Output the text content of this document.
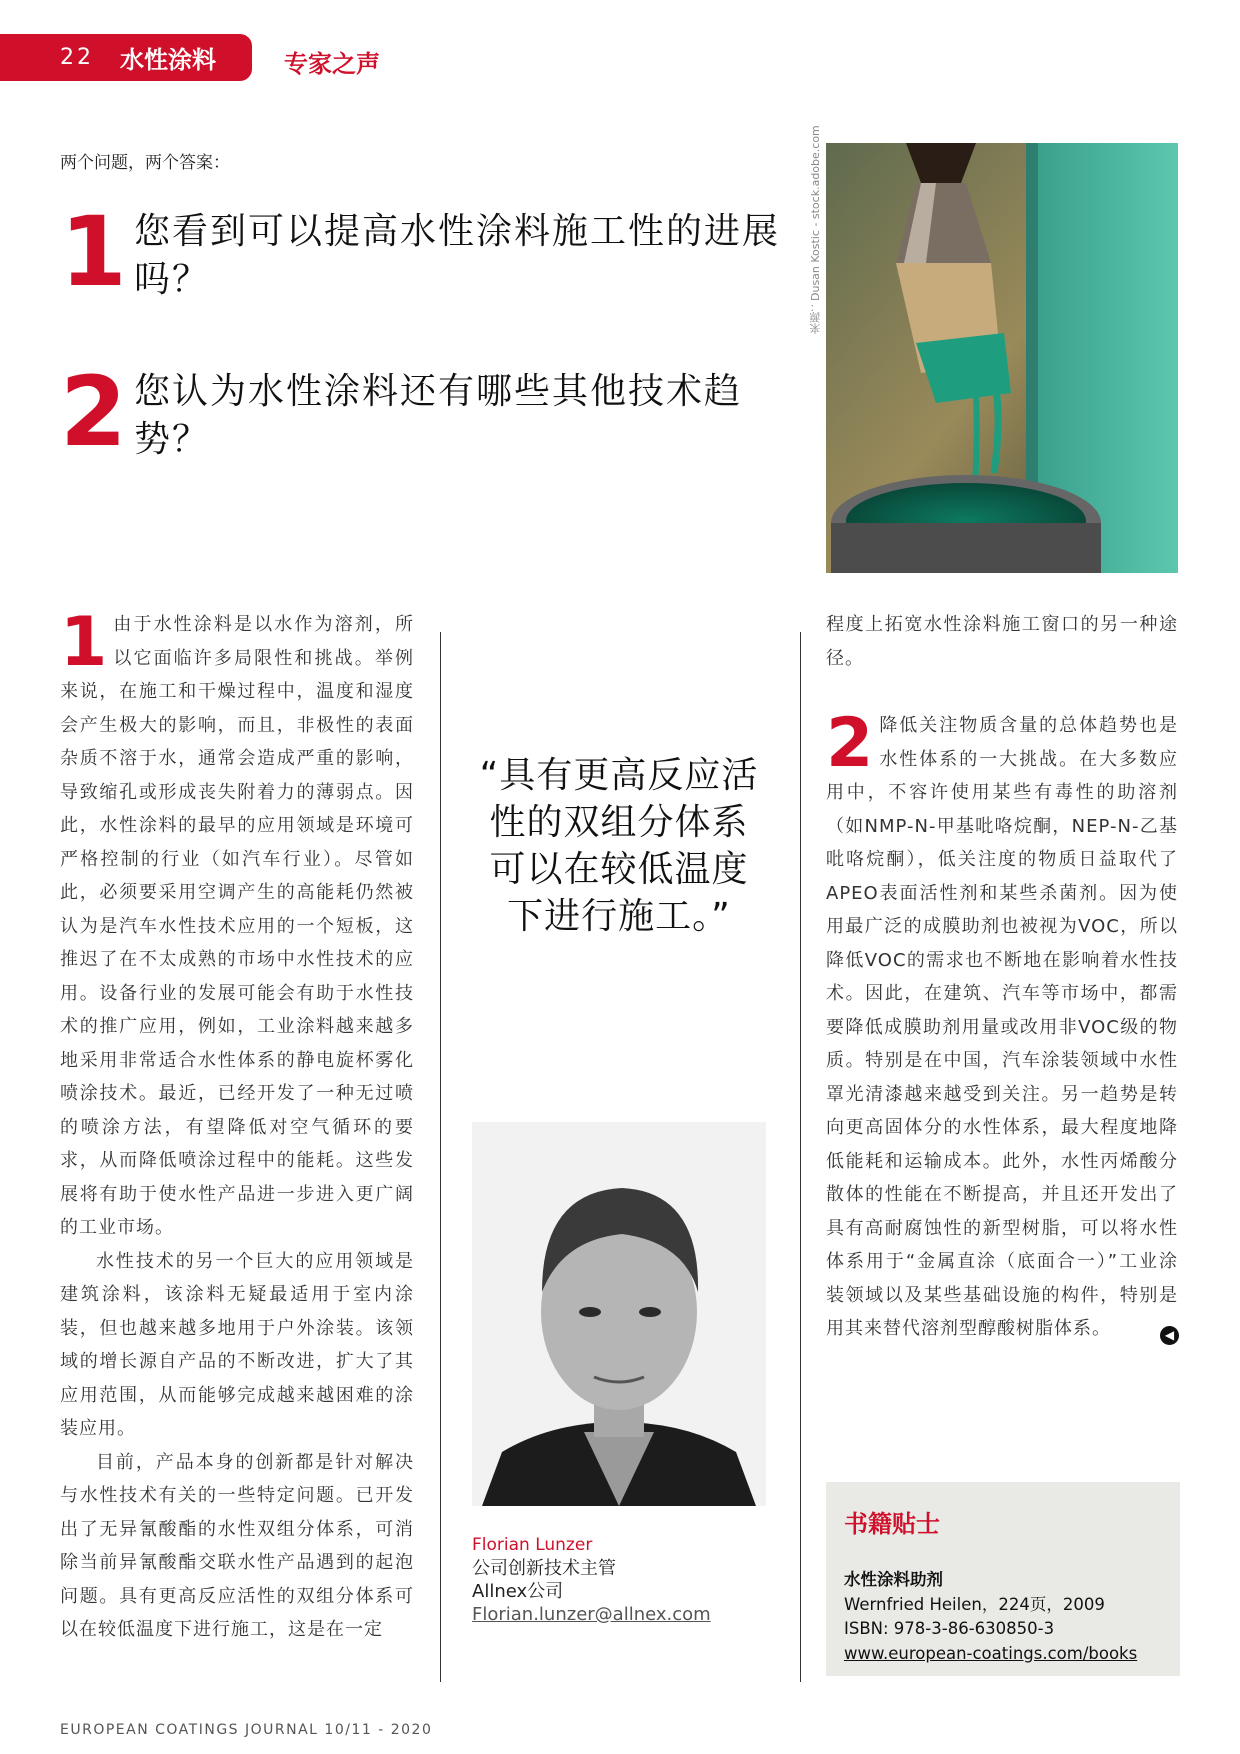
22 水性涂料	专家之声
两个问题，两个答案：
1 您看到可以提高水性涂料施工性的进展吗？
2 您认为水性涂料还有哪些其他技术趋势？
来源：Dusan Kostic - stock.adobe.com
1 由于水性涂料是以水作为溶剂，所以它面临许多局限性和挑战。举例来说，在施工和干燥过程中，温度和湿度会产生极大的影响，而且，非极性的表面杂质不溶于水，通常会造成严重的影响，导致缩孔或形成丧失附着力的薄弱点。因此，水性涂料的最早的应用领域是环境可严格控制的行业（如汽车行业）。尽管如此，必须要采用空调产生的高能耗仍然被认为是汽车水性技术应用的一个短板，这推迟了在不太成熟的市场中水性技术的应用。设备行业的发展可能会有助于水性技术的推广应用，例如，工业涂料越来越多地采用非常适合水性体系的静电旋杯雾化喷涂技术。最近，已经开发了一种无过喷的喷涂方法，有望降低对空气循环的要求，从而降低喷涂过程中的能耗。这些发展将有助于使水性产品进一步进入更广阔的工业市场。

水性技术的另一个巨大的应用领域是建筑涂料，该涂料无疑最适用于室内涂装，但也越来越多地用于户外涂装。该领域的增长源自产品的不断改进，扩大了其应用范围，从而能够完成越来越困难的涂装应用。

目前，产品本身的创新都是针对解决与水性技术有关的一些特定问题。已开发出了无异氰酸酯的水性双组分体系，可消除当前异氰酸酯交联水性产品遇到的起泡问题。具有更高反应活性的双组分体系可以在较低温度下进行施工，这是在一定

“具有更高反应活性的双组分体系可以在较低温度下进行施工。”
Florian Lunzer
公司创新技术主管
Allnex公司
Florian.lunzer@allnex.com

程度上拓宽水性涂料施工窗口的另一种途径。

2 降低关注物质含量的总体趋势也是水性体系的一大挑战。在大多数应用中，不容许使用某些有毒性的助溶剂（如NMP-N-甲基吡咯烷酮，NEP-N-乙基吡咯烷酮），低关注度的物质日益取代了APEO表面活性剂和某些杀菌剂。因为使用最广泛的成膜助剂也被视为VOC，所以降低VOC的需求也不断地在影响着水性技术。因此，在建筑、汽车等市场中，都需要降低成膜助剂用量或改用非VOC级的物质。特别是在中国，汽车涂装领域中水性罩光清漆越来越受到关注。另一趋势是转向更高固体分的水性体系，最大程度地降低能耗和运输成本。此外，水性丙烯酸分散体的性能在不断提高，并且还开发出了具有高耐腐蚀性的新型树脂，可以将水性体系用于“金属直涂（底面合一）”工业涂装领域以及某些基础设施的构件，特别是用其来替代溶剂型醇酸树脂体系。	◀
书籍贴士
水性涂料助剂
Wernfried Heilen，224页，2009
ISBN: 978-3-86-630850-3
www.european-coatings.com/books
EUROPEAN COATINGS JOURNAL 10/11 - 2020
